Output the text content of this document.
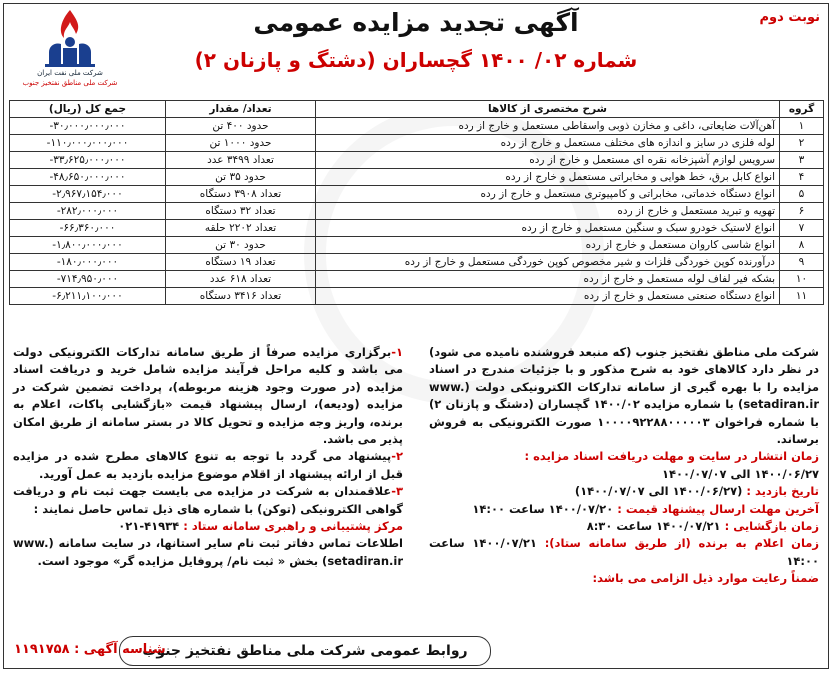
نوبت دوم
آگهی تجدید مزایده عمومی
شماره ۰۲/ ۱۴۰۰ گچساران (دشتگ و پازنان ۲)
شرکت ملی نفت ایران
شرکت ملی مناطق نفتخیز جنوب
گروه	شرح مختصری از کالاها	تعداد/ مقدار	جمع کل (ریال)
۱	آهن‌آلات ضایعاتی، داغی و مخازن ذوبی واسقاطی مستعمل و خارج از رده	حدود ۴۰۰ تن	۳۰٫۰۰۰٫۰۰۰٫۰۰۰-
۲	لوله فلزی در سایز و اندازه های مختلف مستعمل و خارج از رده	حدود ۱۰۰۰ تن	۱۱۰٫۰۰۰٫۰۰۰٫۰۰۰-
۳	سرویس لوازم آشپزخانه نقره ای مستعمل و خارج از رده	تعداد ۳۴۹۹ عدد	۳۳٫۶۲۵٫۰۰۰٫۰۰۰-
۴	انواع کابل برق، خط هوایی و مخابراتی مستعمل و خارج از رده	حدود ۳۵ تن	۴۸٫۶۵۰٫۰۰۰٫۰۰۰-
۵	انواع دستگاه خدماتی، مخابراتی و کامپیوتری مستعمل و خارج از رده	تعداد ۳۹۰۸ دستگاه	۲٫۹۶۷٫۱۵۴٫۰۰۰-
۶	تهویه و تبرید مستعمل و خارج از رده	تعداد ۳۲ دستگاه	۲۸۲٫۰۰۰٫۰۰۰-
۷	انواع لاستیک خودرو سبک و سنگین مستعمل و خارج از رده	تعداد ۲۲۰۲ حلقه	۶۶٫۳۶۰٫۰۰۰-
۸	انواع شاسی کاروان مستعمل و خارج از رده	حدود ۳۰ تن	۱٫۸۰۰٫۰۰۰٫۰۰۰-
۹	درآورنده کوپن خوردگی فلزات و شیر مخصوص کوپن خوردگی مستعمل و خارج از رده	تعداد ۱۹ دستگاه	۱۸۰٫۰۰۰٫۰۰۰-
۱۰	بشکه فیر لفاف لوله مستعمل و خارج از رده	تعداد ۶۱۸ عدد	۷۱۴٫۹۵۰٫۰۰۰-
۱۱	انواع دستگاه صنعتی مستعمل و خارج از رده	تعداد ۳۴۱۶ دستگاه	۶٫۲۱۱٫۱۰۰٫۰۰۰-

شرکت ملی مناطق نفتخیز جنوب (که منبعد فروشنده نامیده می شود) در نظر دارد کالاهای خود به شرح مذکور و با جزئیات مندرج در اسناد مزایده را با بهره گیری از سامانه تدارکات الکترونیکی دولت (www. setadiran.ir) با شماره مزایده ۱۴۰۰/۰۲ گچساران (دشتگ و پازنان ۲) با شماره فراخوان ۱۰۰۰۰۹۲۲۸۸۰۰۰۰۰۳ صورت الکترونیکی به فروش برساند.

زمان انتشار در سایت و مهلت دریافت اسناد مزایده :

۱۴۰۰/۰۶/۲۷ الی ۱۴۰۰/۰۷/۰۷

تاریخ بازدید : (۱۴۰۰/۰۶/۲۷ الی ۱۴۰۰/۰۷/۰۷)

آخرین مهلت ارسال پیشنهاد قیمت : ۱۴۰۰/۰۷/۲۰ ساعت ۱۴:۰۰

زمان بازگشایی : ۱۴۰۰/۰۷/۲۱ ساعت ۸:۳۰

زمان اعلام به برنده (از طریق سامانه ستاد): ۱۴۰۰/۰۷/۲۱ ساعت ۱۴:۰۰

ضمناً رعایت موارد ذیل الزامی می باشد:

۱-برگزاری مزایده صرفاً از طریق سامانه تدارکات الکترونیکی دولت می باشد و کلیه مراحل فرآیند مزایده شامل خرید و دریافت اسناد مزایده (در صورت وجود هزینه مربوطه)، پرداخت تضمین شرکت در مزایده (ودیعه)، ارسال پیشنهاد قیمت «بازگشایی پاکات، اعلام به برنده، واریز وجه مزایده و تحویل کالا در بستر سامانه از طریق امکان پذیر می باشد.

۲-پیشنهاد می گردد با توجه به تنوع کالاهای مطرح شده در مزایده قبل از ارائه پیشنهاد از اقلام موضوع مزایده بازدید به عمل آورید.

۳-علاقمندان به شرکت در مزایده می بایست جهت ثبت نام و دریافت گواهی الکترونیکی (توکن) با شماره های ذیل تماس حاصل نمایند :

مرکز پشتیبانی و راهبری سامانه ستاد : ۴۱۹۳۴-۰۲۱

اطلاعات تماس دفاتر ثبت نام سایر استانها، در سایت سامانه (www. setadiran.ir) بخش « ثبت نام/ پروفایل مزایده گر» موجود است.

روابط عمومی شرکت ملی مناطق نفتخیز جنوب
شناسه آگهی : ۱۱۹۱۷۵۸
